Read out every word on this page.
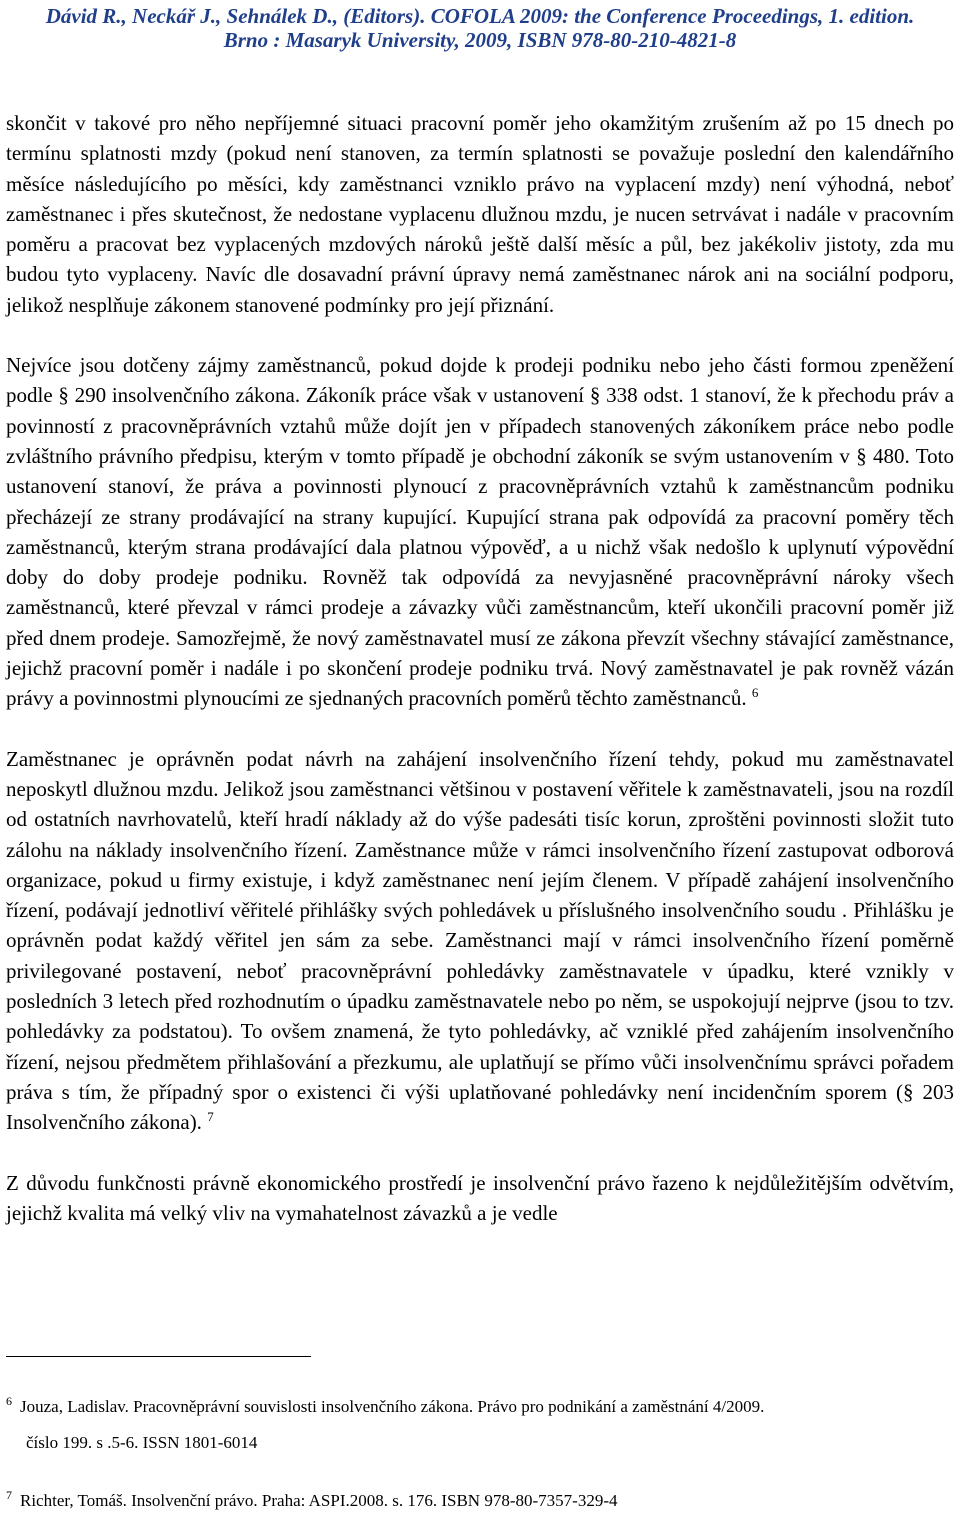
Dávid R., Neckář J., Sehnálek D., (Editors). COFOLA 2009: the Conference Proceedings, 1. edition.
Brno : Masaryk University, 2009, ISBN 978-80-210-4821-8

skončit v takové pro něho nepříjemné situaci pracovní poměr jeho okamžitým zrušením až po 15 dnech po termínu splatnosti mzdy (pokud není stanoven, za termín splatnosti se považuje poslední den kalendářního měsíce následujícího po měsíci, kdy zaměstnanci vzniklo právo na vyplacení mzdy) není výhodná, neboť zaměstnanec i přes skutečnost, že nedostane vyplacenu dlužnou mzdu, je nucen setrvávat i nadále v pracovním poměru a pracovat bez vyplacených mzdových nároků ještě další měsíc a půl, bez jakékoliv jistoty, zda mu budou tyto vyplaceny. Navíc dle dosavadní právní úpravy nemá zaměstnanec nárok ani na sociální podporu, jelikož nesplňuje zákonem stanovené podmínky pro její přiznání.

Nejvíce jsou dotčeny zájmy zaměstnanců, pokud dojde k prodeji podniku nebo jeho části formou zpeněžení podle § 290 insolvenčního zákona. Zákoník práce však v ustanovení § 338 odst. 1 stanoví, že k přechodu práv a povinností z pracovněprávních vztahů může dojít jen v případech stanovených zákoníkem práce nebo podle zvláštního právního předpisu, kterým v tomto případě je obchodní zákoník se svým ustanovením v § 480. Toto ustanovení stanoví, že práva a povinnosti plynoucí z pracovněprávních vztahů k zaměstnancům podniku přecházejí ze strany prodávající na strany kupující. Kupující strana pak odpovídá za pracovní poměry těch zaměstnanců, kterým strana prodávající dala platnou výpověď, a u nichž však nedošlo k uplynutí výpovědní doby do doby prodeje podniku. Rovněž tak odpovídá za nevyjasněné pracovněprávní nároky všech zaměstnanců, které převzal v rámci prodeje a závazky vůči zaměstnancům, kteří ukončili pracovní poměr již před dnem prodeje. Samozřejmě, že nový zaměstnavatel musí ze zákona převzít všechny stávající zaměstnance, jejichž pracovní poměr i nadále i po skončení prodeje podniku trvá. Nový zaměstnavatel je pak rovněž vázán právy a povinnostmi plynoucími ze sjednaných pracovních poměrů těchto zaměstnanců. $^6$

Zaměstnanec je oprávněn podat návrh na zahájení insolvenčního řízení tehdy, pokud mu zaměstnavatel neposkytl dlužnou mzdu. Jelikož jsou zaměstnanci většinou v postavení věřitele k zaměstnavateli, jsou na rozdíl od ostatních navrhovatelů, kteří hradí náklady až do výše padesáti tisíc korun, zproštěni povinnosti složit tuto zálohu na náklady insolvenčního řízení. Zaměstnance může v rámci insolvenčního řízení zastupovat odborová organizace, pokud u firmy existuje, i když zaměstnanec není jejím členem. V případě zahájení insolvenčního řízení, podávají jednotliví věřitelé přihlášky svých pohledávek u příslušného insolvenčního soudu . Přihlášku je oprávněn podat každý věřitel jen sám za sebe. Zaměstnanci mají v rámci insolvenčního řízení poměrně privilegované postavení, neboť pracovněprávní pohledávky zaměstnavatele v úpadku, které vznikly v posledních 3 letech před rozhodnutím o úpadku zaměstnavatele nebo po něm, se uspokojují nejprve (jsou to tzv. pohledávky za podstatou). To ovšem znamená, že tyto pohledávky, ač vzniklé před zahájením insolvenčního řízení, nejsou předmětem přihlašování a přezkumu, ale uplatňují se přímo vůči insolvenčnímu správci pořadem práva s tím, že případný spor o existenci či výši uplatňované pohledávky není incidenčním sporem (§ 203 Insolvenčního zákona). $^7$

Z důvodu funkčnosti právně ekonomického prostředí je insolvenční právo řazeno k nejdůležitějším odvětvím, jejichž kvalita má velký vliv na vymahatelnost závazků a je vedle

$^6$ Jouza, Ladislav. Pracovněprávní souvislosti insolvenčního zákona. Právo pro podnikání a zaměstnání 4/2009.
číslo 199. s .5-6. ISSN 1801-6014
$^7$ Richter, Tomáš. Insolvenční právo. Praha: ASPI.2008. s. 176. ISBN 978-80-7357-329-4
